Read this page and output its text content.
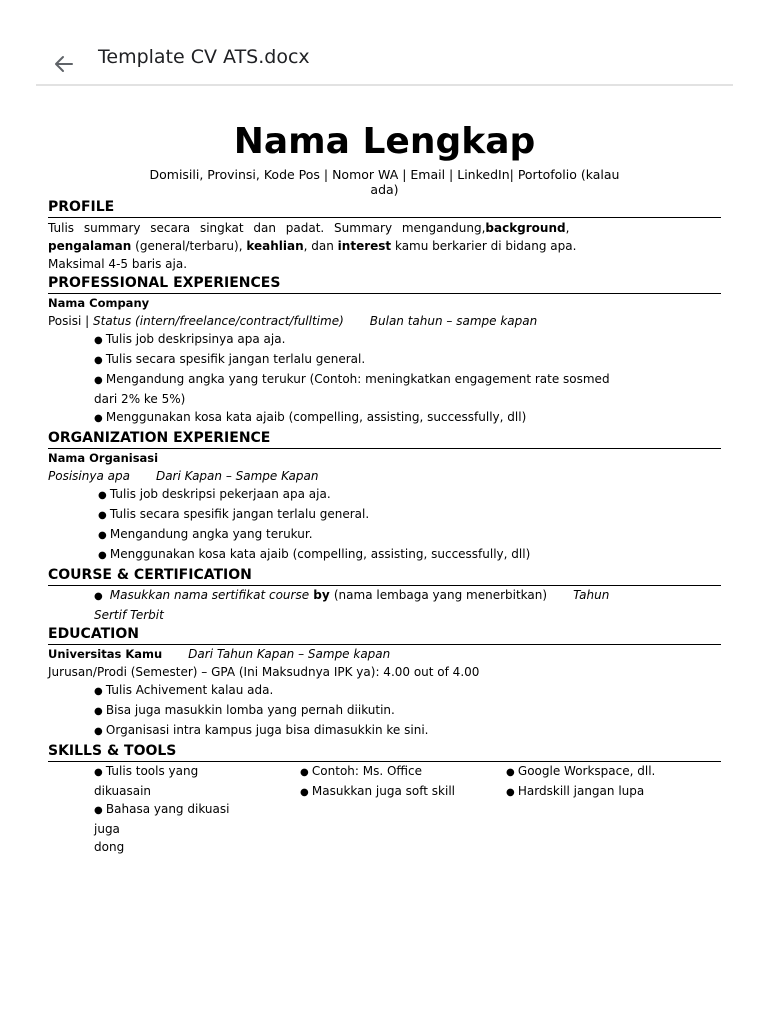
Template CV ATS.docx
Nama Lengkap
Domisili, Provinsi, Kode Pos | Nomor WA | Email | LinkedIn| Portofolio (kalau
ada)
PROFILE
Tulis summary secara singkat dan padat. Summary mengandung, background,
pengalaman (general/terbaru), keahlian, dan interest kamu berkarier di bidang apa.
Maksimal 4-5 baris aja.
PROFESSIONAL EXPERIENCES
Nama Company
Posisi | Status (intern/freelance/contract/fulltime) Bulan tahun – sampe kapan
● Tulis job deskripsinya apa aja.
● Tulis secara spesifik jangan terlalu general.
● Mengandung angka yang terukur (Contoh: meningkatkan engagement rate sosmed
dari 2% ke 5%)
● Menggunakan kosa kata ajaib (compelling, assisting, successfully, dll)
ORGANIZATION EXPERIENCE
Nama Organisasi
Posisinya apa Dari Kapan – Sampe Kapan
● Tulis job deskripsi pekerjaan apa aja.
● Tulis secara spesifik jangan terlalu general.
● Mengandung angka yang terukur.
● Menggunakan kosa kata ajaib (compelling, assisting, successfully, dll)
COURSE & CERTIFICATION
● Masukkan nama sertifikat course by (nama lembaga yang menerbitkan) Tahun
Sertif Terbit
EDUCATION
Universitas Kamu Dari Tahun Kapan – Sampe kapan
Jurusan/Prodi (Semester) – GPA (Ini Maksudnya IPK ya): 4.00 out of 4.00
● Tulis Achivement kalau ada.
● Bisa juga masukkin lomba yang pernah diikutin.
● Organisasi intra kampus juga bisa dimasukkin ke sini.
SKILLS & TOOLS
● Tulis tools yang
dikuasain
● Bahasa yang dikuasi juga
dong
● Contoh: Ms. Office
● Masukkan juga soft skill
● Google Workspace, dll.
● Hardskill jangan lupa
